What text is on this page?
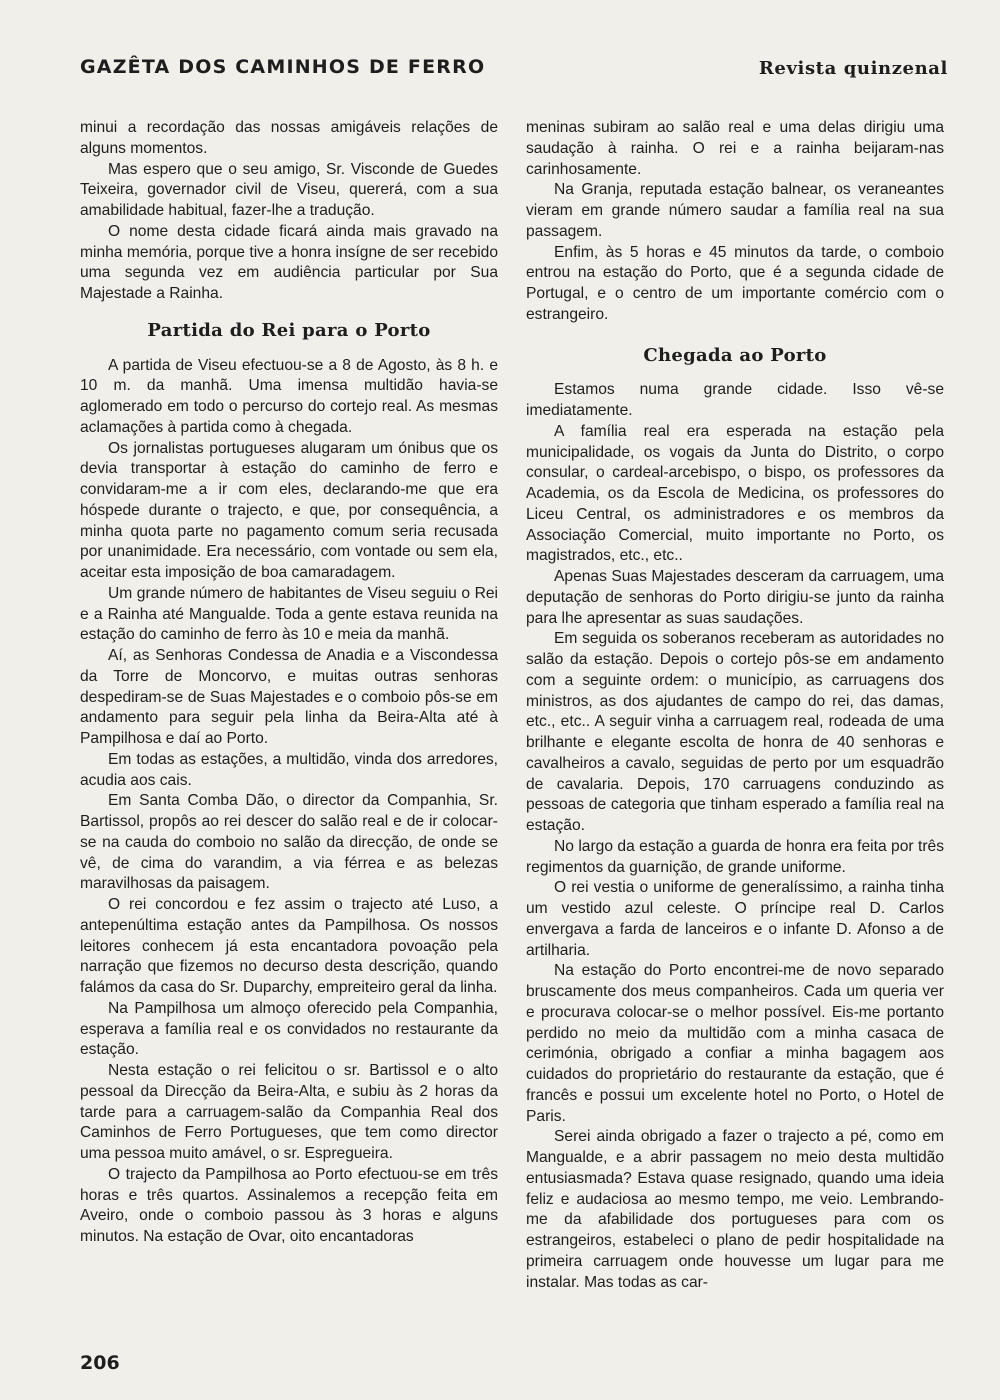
GAZÊTA DOS CAMINHOS DE FERRO	Revista quinzenal

minui a recordação das nossas amigáveis relações de alguns momentos.

Mas espero que o seu amigo, Sr. Visconde de Guedes Teixeira, governador civil de Viseu, quererá, com a sua amabilidade habitual, fazer-lhe a tradução.

O nome desta cidade ficará ainda mais gravado na minha memória, porque tive a honra insígne de ser recebido uma segunda vez em audiência particular por Sua Majestade a Rainha.

Partida do Rei para o Porto

A partida de Viseu efectuou-se a 8 de Agosto, às 8 h. e 10 m. da manhã. Uma imensa multidão havia-se aglomerado em todo o percurso do cortejo real. As mesmas aclamações à partida como à chegada.

Os jornalistas portugueses alugaram um ónibus que os devia transportar à estação do caminho de ferro e convidaram-me a ir com eles, declarando-me que era hóspede durante o trajecto, e que, por consequência, a minha quota parte no pagamento comum seria recusada por unanimidade. Era necessário, com vontade ou sem ela, aceitar esta imposição de boa camaradagem.

Um grande número de habitantes de Viseu seguiu o Rei e a Rainha até Mangualde. Toda a gente estava reunida na estação do caminho de ferro às 10 e meia da manhã.

Aí, as Senhoras Condessa de Anadia e a Viscondessa da Torre de Moncorvo, e muitas outras senhoras despediram-se de Suas Majestades e o comboio pôs-se em andamento para seguir pela linha da Beira-Alta até à Pampilhosa e daí ao Porto.

Em todas as estações, a multidão, vinda dos arredores, acudia aos cais.

Em Santa Comba Dão, o director da Companhia, Sr. Bartissol, propôs ao rei descer do salão real e de ir colocar-se na cauda do comboio no salão da direcção, de onde se vê, de cima do varandim, a via férrea e as belezas maravilhosas da paisagem.

O rei concordou e fez assim o trajecto até Luso, a antepenúltima estação antes da Pampilhosa. Os nossos leitores conhecem já esta encantadora povoação pela narração que fizemos no decurso desta descrição, quando falámos da casa do Sr. Duparchy, empreiteiro geral da linha.

Na Pampilhosa um almoço oferecido pela Companhia, esperava a família real e os convidados no restaurante da estação.

Nesta estação o rei felicitou o sr. Bartissol e o alto pessoal da Direcção da Beira-Alta, e subiu às 2 horas da tarde para a carruagem-salão da Companhia Real dos Caminhos de Ferro Portugueses, que tem como director uma pessoa muito amável, o sr. Espregueira.

O trajecto da Pampilhosa ao Porto efectuou-se em três horas e três quartos. Assinalemos a recepção feita em Aveiro, onde o comboio passou às 3 horas e alguns minutos. Na estação de Ovar, oito encantadoras

meninas subiram ao salão real e uma delas dirigiu uma saudação à rainha. O rei e a rainha beijaram-nas carinhosamente.

Na Granja, reputada estação balnear, os veraneantes vieram em grande número saudar a família real na sua passagem.

Enfim, às 5 horas e 45 minutos da tarde, o comboio entrou na estação do Porto, que é a segunda cidade de Portugal, e o centro de um importante comércio com o estrangeiro.

Chegada ao Porto

Estamos numa grande cidade. Isso vê-se imediatamente.

A família real era esperada na estação pela municipalidade, os vogais da Junta do Distrito, o corpo consular, o cardeal-arcebispo, o bispo, os professores da Academia, os da Escola de Medicina, os professores do Liceu Central, os administradores e os membros da Associação Comercial, muito importante no Porto, os magistrados, etc., etc..

Apenas Suas Majestades desceram da carruagem, uma deputação de senhoras do Porto dirigiu-se junto da rainha para lhe apresentar as suas saudações.

Em seguida os soberanos receberam as autoridades no salão da estação. Depois o cortejo pôs-se em andamento com a seguinte ordem: o município, as carruagens dos ministros, as dos ajudantes de campo do rei, das damas, etc., etc.. A seguir vinha a carruagem real, rodeada de uma brilhante e elegante escolta de honra de 40 senhoras e cavalheiros a cavalo, seguidas de perto por um esquadrão de cavalaria. Depois, 170 carruagens conduzindo as pessoas de categoria que tinham esperado a família real na estação.

No largo da estação a guarda de honra era feita por três regimentos da guarnição, de grande uniforme.

O rei vestia o uniforme de generalíssimo, a rainha tinha um vestido azul celeste. O príncipe real D. Carlos envergava a farda de lanceiros e o infante D. Afonso a de artilharia.

Na estação do Porto encontrei-me de novo separado bruscamente dos meus companheiros. Cada um queria ver e procurava colocar-se o melhor possível. Eis-me portanto perdido no meio da multidão com a minha casaca de cerimónia, obrigado a confiar a minha bagagem aos cuidados do proprietário do restaurante da estação, que é francês e possui um excelente hotel no Porto, o Hotel de Paris.

Serei ainda obrigado a fazer o trajecto a pé, como em Mangualde, e a abrir passagem no meio desta multidão entusiasmada? Estava quase resignado, quando uma ideia feliz e audaciosa ao mesmo tempo, me veio. Lembrando-me da afabilidade dos portugueses para com os estrangeiros, estabeleci o plano de pedir hospitalidade na primeira carruagem onde houvesse um lugar para me instalar. Mas todas as car-

206
